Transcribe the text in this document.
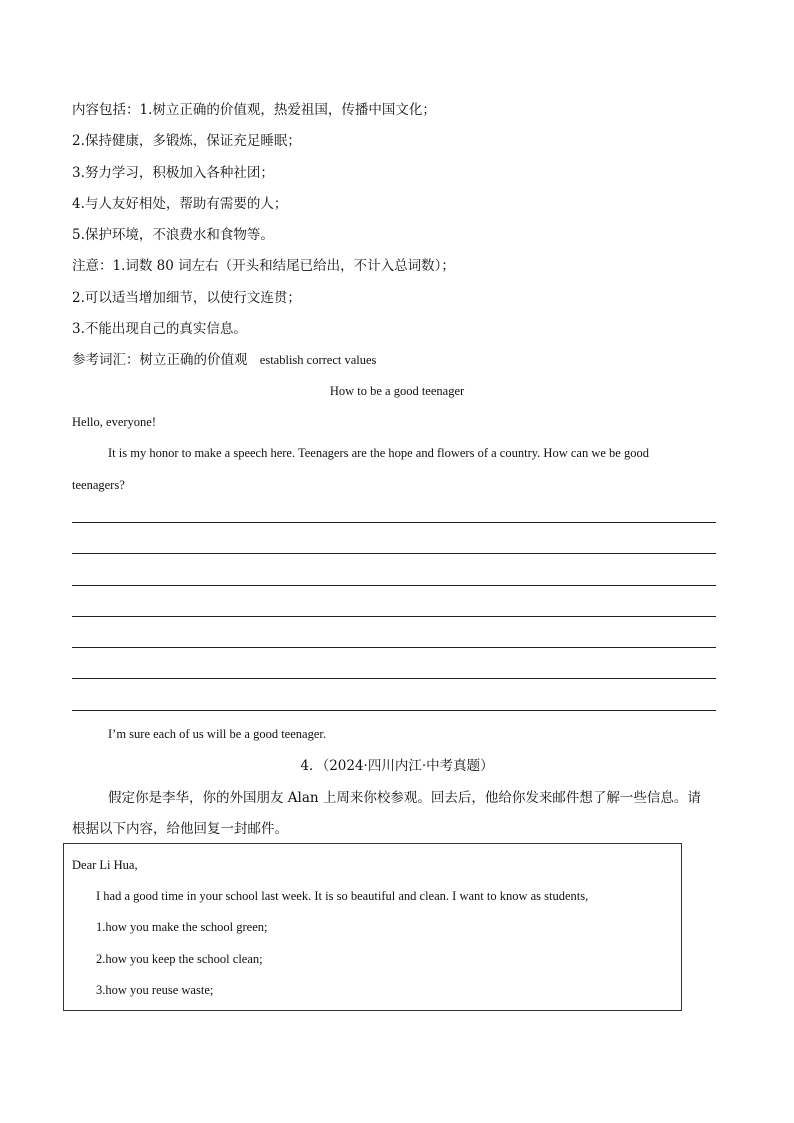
内容包括：1.树立正确的价值观，热爱祖国，传播中国文化；
2.保持健康，多锻炼，保证充足睡眠；
3.努力学习，积极加入各种社团；
4.与人友好相处，帮助有需要的人；
5.保护环境，不浪费水和食物等。
注意：1.词数 80 词左右（开头和结尾已给出，不计入总词数）；
2.可以适当增加细节，以使行文连贯；
3.不能出现自己的真实信息。
参考词汇：树立正确的价值观 establish correct values
How to be a good teenager
Hello, everyone!
It is my honor to make a speech here. Teenagers are the hope and flowers of a country. How can we be good
teenagers?
I’m sure each of us will be a good teenager.
4．（2024·四川内江·中考真题）
假定你是李华，你的外国朋友 Alan 上周来你校参观。回去后，他给你发来邮件想了解一些信息。请
根据以下内容，给他回复一封邮件。
Dear Li Hua,
I had a good time in your school last week. It is so beautiful and clean. I want to know as students,
1.how you make the school green;
2.how you keep the school clean;
3.how you reuse waste;
